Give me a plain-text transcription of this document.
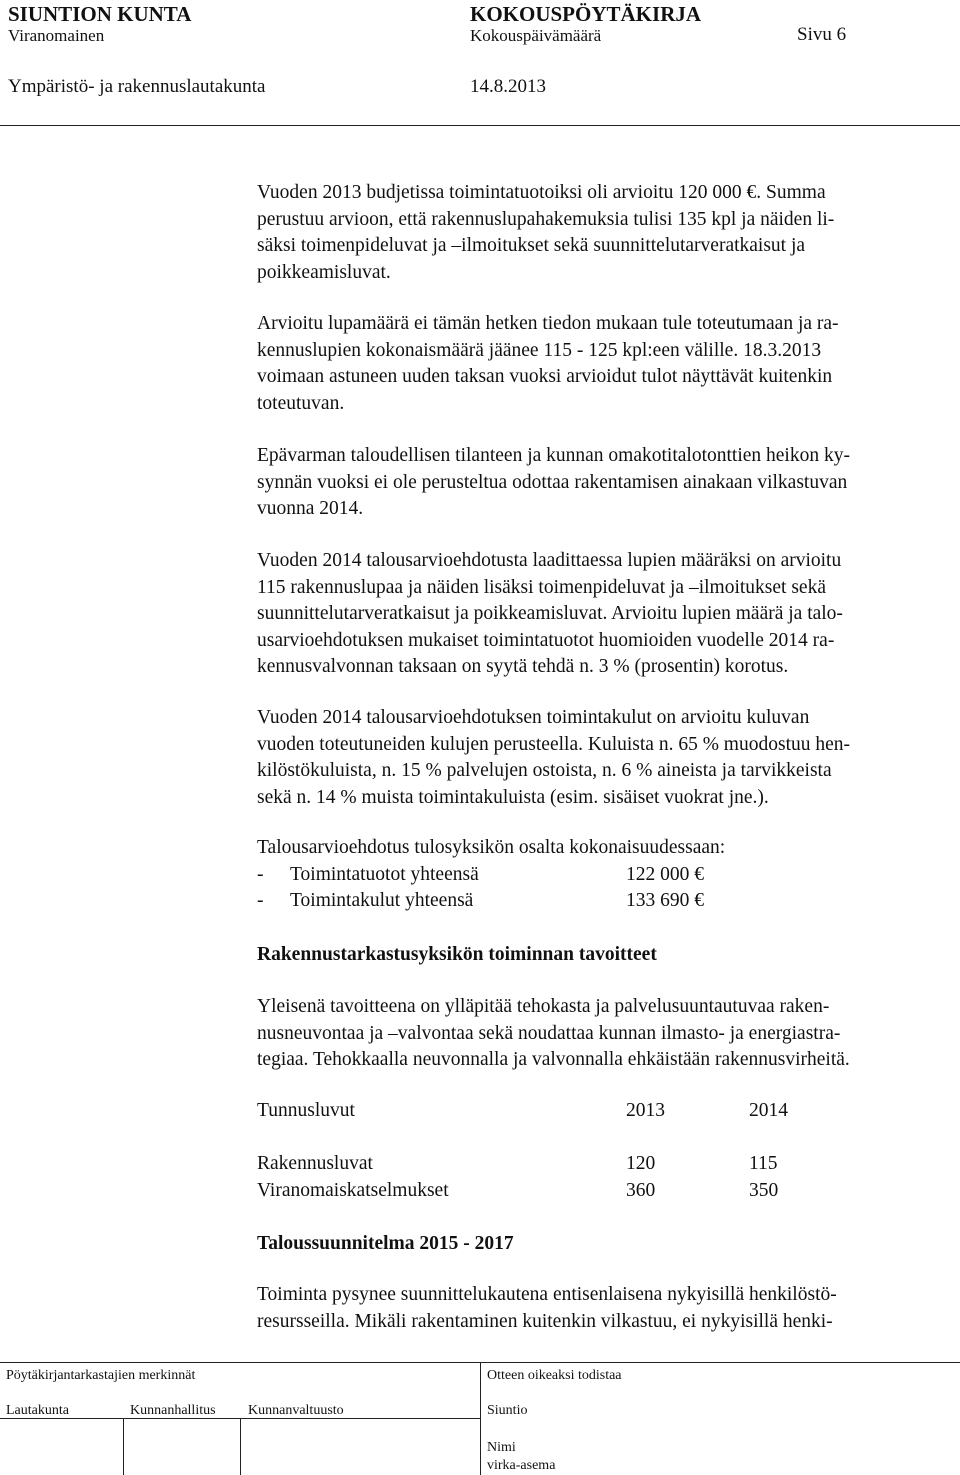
SIUNTION KUNTA	KOKOUSPÖYTÄKIRJA
Viranomainen	Kokouspäivämäärä	Sivu 6
Ympäristö- ja rakennuslautakunta	14.8.2013
Vuoden 2013 budjetissa toimintatuotoiksi oli arvioitu 120 000 €. Summa
perustuu arvioon, että rakennuslupahakemuksia tulisi 135 kpl ja näiden li-
säksi toimenpideluvat ja –ilmoitukset sekä suunnittelutarveratkaisut ja
poikkeamisluvat.
Arvioitu lupamäärä ei tämän hetken tiedon mukaan tule toteutumaan ja ra-
kennuslupien kokonaismäärä jäänee 115 - 125 kpl:een välille. 18.3.2013
voimaan astuneen uuden taksan vuoksi arvioidut tulot näyttävät kuitenkin
toteutuvan.
Epävarman taloudellisen tilanteen ja kunnan omakotitalotonttien heikon ky-
synnän vuoksi ei ole perusteltua odottaa rakentamisen ainakaan vilkastuvan
vuonna 2014.
Vuoden 2014 talousarvioehdotusta laadittaessa lupien määräksi on arvioitu
115 rakennuslupaa ja näiden lisäksi toimenpideluvat ja –ilmoitukset sekä
suunnittelutarveratkaisut ja poikkeamisluvat. Arvioitu lupien määrä ja talo-
usarvioehdotuksen mukaiset toimintatuotot huomioiden vuodelle 2014 ra-
kennusvalvonnan taksaan on syytä tehdä n. 3 % (prosentin) korotus.
Vuoden 2014 talousarvioehdotuksen toimintakulut on arvioitu kuluvan
vuoden toteutuneiden kulujen perusteella. Kuluista n. 65 % muodostuu hen-
kilöstökuluista, n. 15 % palvelujen ostoista, n. 6 % aineista ja tarvikkeista
sekä n. 14 % muista toimintakuluista (esim. sisäiset vuokrat jne.).
Talousarvioehdotus tulosyksikön osalta kokonaisuudessaan:
- Toimintatuotot yhteensä	122 000 €
- Toimintakulut yhteensä	133 690 €
Rakennustarkastusyksikön toiminnan tavoitteet
Yleisenä tavoitteena on ylläpitää tehokasta ja palvelusuuntautuvaa raken-
nusneuvontaa ja –valvontaa sekä noudattaa kunnan ilmasto- ja energiastra-
tegiaa. Tehokkaalla neuvonnalla ja valvonnalla ehkäistään rakennusvirheitä.
Tunnusluvut	2013	2014
Rakennusluvat	120	115
Viranomaiskatselmukset	360	350
Taloussuunnitelma 2015 - 2017
Toiminta pysynee suunnittelukautena entisenlaisena nykyisillä henkilöstö-
resursseilla. Mikäli rakentaminen kuitenkin vilkastuu, ei nykyisillä henki-
Pöytäkirjantarkastajien merkinnät	Otteen oikeaksi todistaa
Lautakunta	Kunnanhallitus Kunnanvaltuusto	Siuntio
Nimi
virka-asema
